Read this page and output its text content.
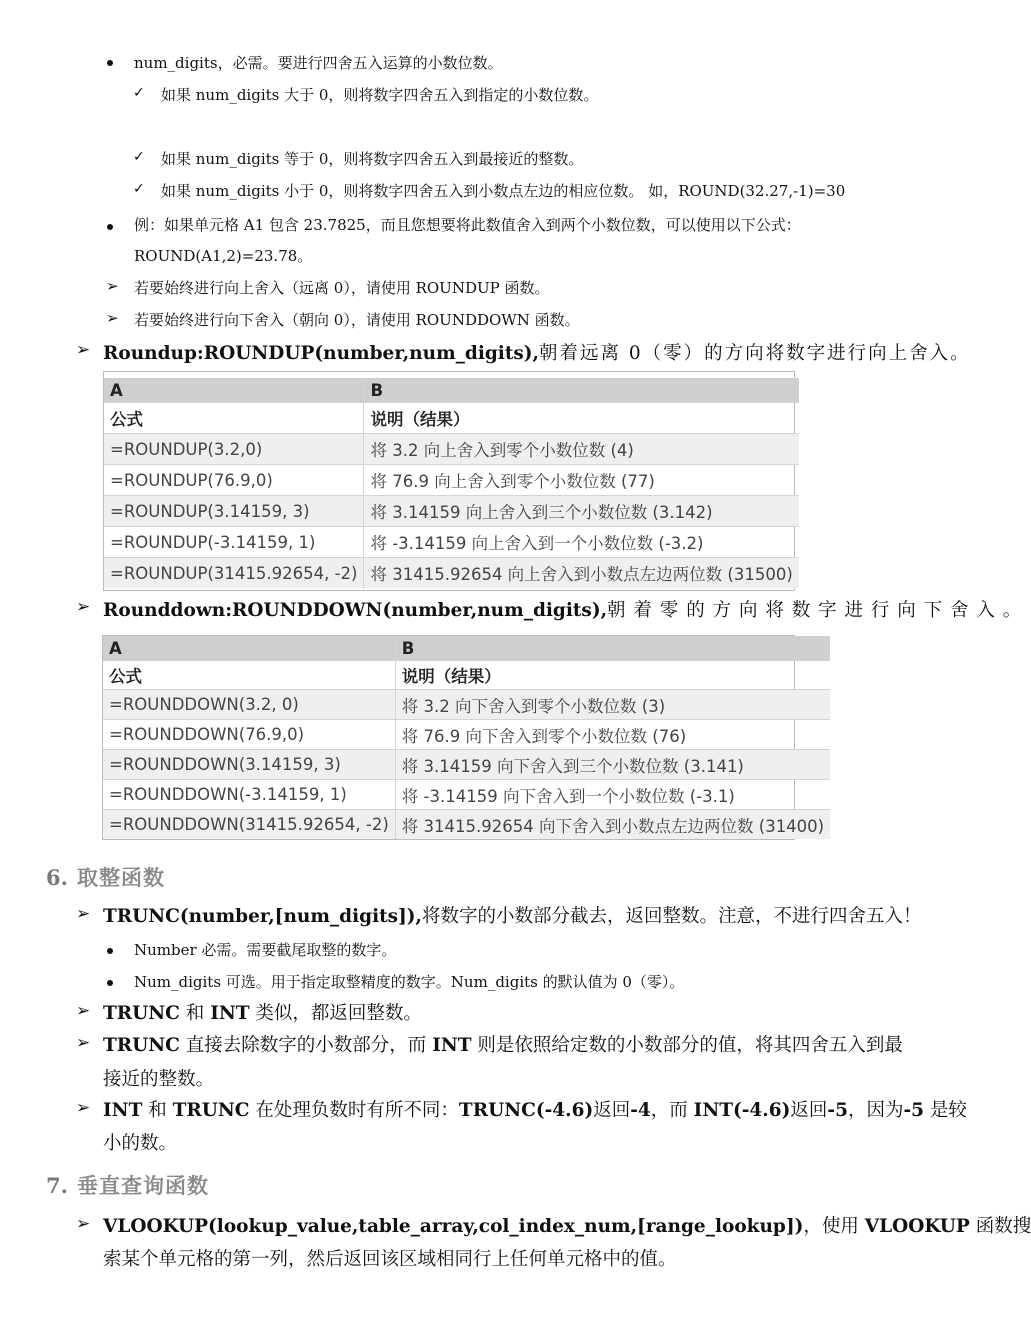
num_digits，必需。要进行四舍五入运算的小数位数。
✓ 如果 num_digits 大于 0，则将数字四舍五入到指定的小数位数。
✓ 如果 num_digits 等于 0，则将数字四舍五入到最接近的整数。
✓ 如果 num_digits 小于 0，则将数字四舍五入到小数点左边的相应位数。 如，ROUND(32.27,-1)=30
例：如果单元格 A1 包含 23.7825，而且您想要将此数值舍入到两个小数位数，可以使用以下公式：
ROUND(A1,2)=23.78。
➢ 若要始终进行向上舍入（远离 0），请使用 ROUNDUP 函数。
➢ 若要始终进行向下舍入（朝向 0），请使用 ROUNDDOWN 函数。
➢ Roundup:ROUNDUP(number,num_digits),朝着远离 0（零）的方向将数字进行向上舍入。
A	B
公式	说明（结果）
=ROUNDUP(3.2,0)	将 3.2 向上舍入到零个小数位数 (4)
=ROUNDUP(76.9,0)	将 76.9 向上舍入到零个小数位数 (77)
=ROUNDUP(3.14159, 3)	将 3.14159 向上舍入到三个小数位数 (3.142)
=ROUNDUP(-3.14159, 1)	将 -3.14159 向上舍入到一个小数位数 (-3.2)
=ROUNDUP(31415.92654, -2)	将 31415.92654 向上舍入到小数点左边两位数 (31500)
➢ Rounddown:ROUNDDOWN(number,num_digits),朝 着 零 的 方 向 将 数 字 进 行 向 下 舍 入 。
A	B
公式	说明（结果）
=ROUNDDOWN(3.2, 0)	将 3.2 向下舍入到零个小数位数 (3)
=ROUNDDOWN(76.9,0)	将 76.9 向下舍入到零个小数位数 (76)
=ROUNDDOWN(3.14159, 3)	将 3.14159 向下舍入到三个小数位数 (3.141)
=ROUNDDOWN(-3.14159, 1)	将 -3.14159 向下舍入到一个小数位数 (-3.1)
=ROUNDDOWN(31415.92654, -2)	将 31415.92654 向下舍入到小数点左边两位数 (31400)
6. 取整函数
➢ TRUNC(number,[num_digits]),将数字的小数部分截去，返回整数。注意，不进行四舍五入！
Number 必需。需要截尾取整的数字。
Num_digits 可选。用于指定取整精度的数字。Num_digits 的默认值为 0（零）。
➢ TRUNC 和 INT 类似，都返回整数。
➢ TRUNC 直接去除数字的小数部分，而 INT 则是依照给定数的小数部分的值，将其四舍五入到最
接近的整数。
➢ INT 和 TRUNC 在处理负数时有所不同：TRUNC(-4.6)返回-4，而 INT(-4.6)返回-5，因为-5 是较
小的数。
7. 垂直查询函数
➢ VLOOKUP(lookup_value,table_array,col_index_num,[range_lookup])，使用 VLOOKUP 函数搜
索某个单元格的第一列，然后返回该区域相同行上任何单元格中的值。
